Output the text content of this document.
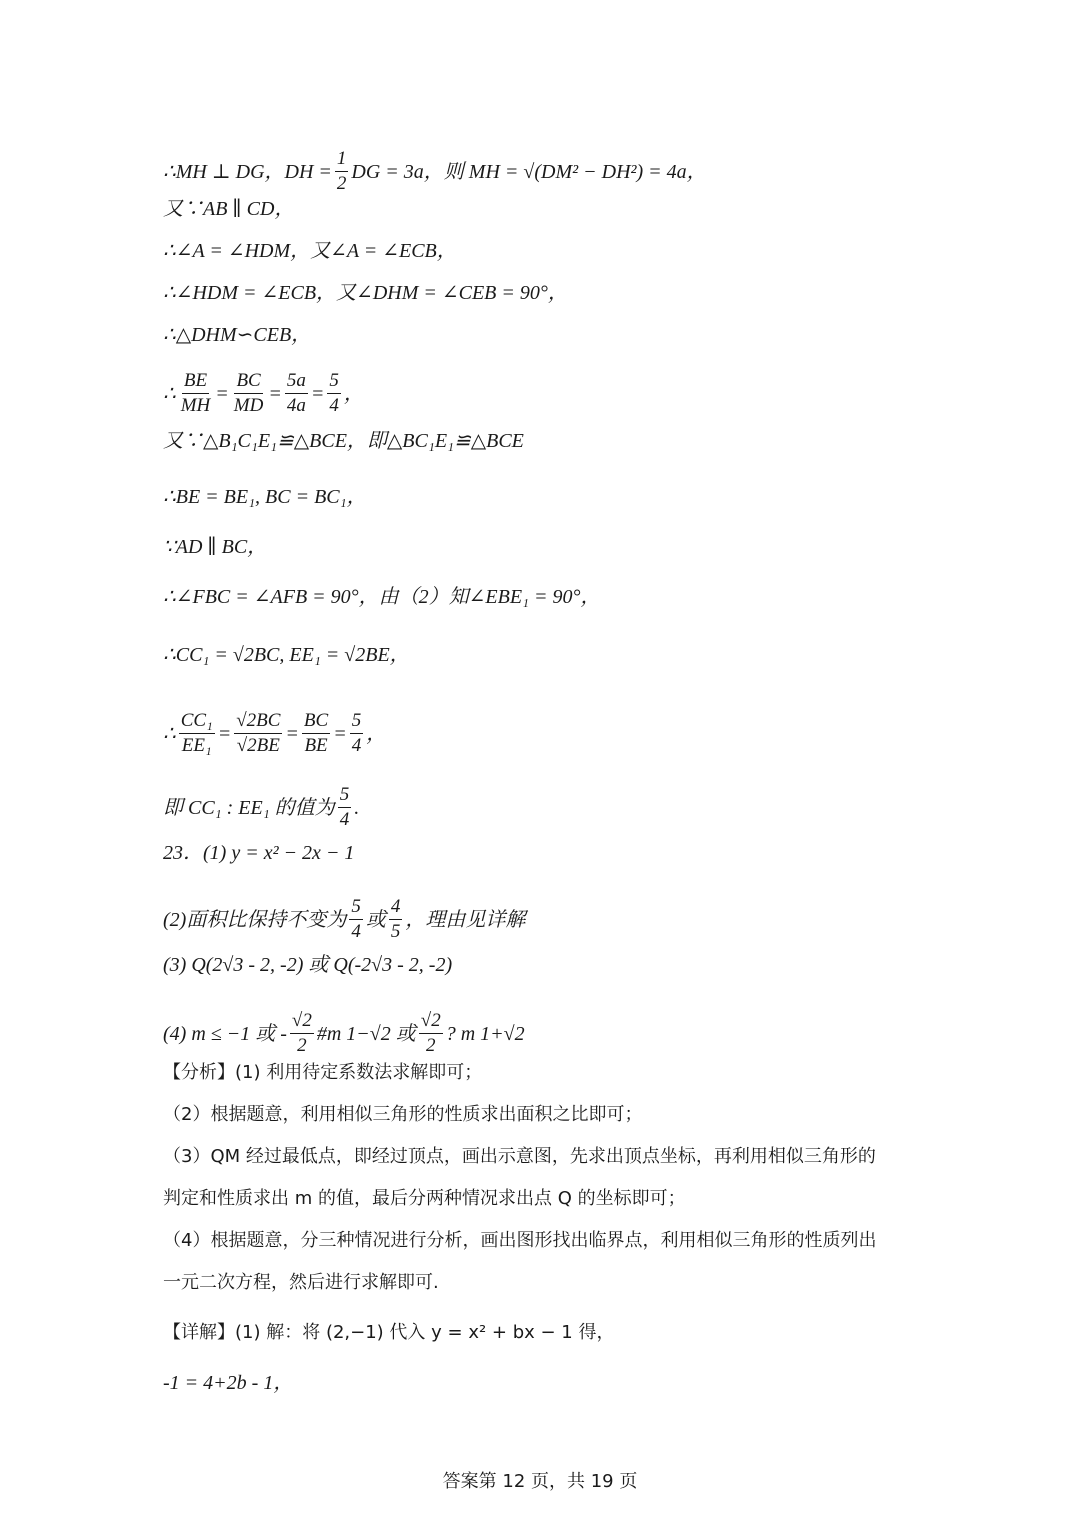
∴MH ⊥ DG，DH = $\frac{1}{2}$ DG = 3a，则 MH = √(DM² − DH²) = 4a，

又∵AB ∥ CD，

∴∠A = ∠HDM，又∠A = ∠ECB，

∴∠HDM = ∠ECB，又∠DHM = ∠CEB = 90°，

∴△DHM∽CEB，

∴ $\frac{BE}{MH} = \frac{BC}{MD} = \frac{5a}{4a} = \frac{5}{4}$ ，

又∵△B₁C₁E₁≌△BCE，即△BC₁E₁≌△BCE

∴BE = BE₁, BC = BC₁，

∵AD ∥ BC，

∴∠FBC = ∠AFB = 90°，由（2）知∠EBE₁ = 90°，

∴CC₁ = √2BC, EE₁ = √2BE，

∴ $\frac{\text{CC₁}}{\text{EE₁}} = \frac{√2BC}{√2BE} = \frac{BC}{BE} = \frac{5}{4}$ ，

即 CC₁ : EE₁ 的值为 $\frac{5}{4}$ .

23．(1) y = x² − 2x − 1

(2)面积比保持不变为 $\frac{5}{4}$ 或 $\frac{4}{5}$ ，理由见详解

(3) Q(2√3 - 2, -2) 或 Q(-2√3 - 2, -2)

(4) m ≤ −1 或 - $\frac{√2}{2}$ #m 1−√2 或 $\frac{√2}{2}$ ? m 1+√2

【分析】(1) 利用待定系数法求解即可；

（2）根据题意，利用相似三角形的性质求出面积之比即可；

（3）QM 经过最低点，即经过顶点，画出示意图，先求出顶点坐标，再利用相似三角形的

判定和性质求出 m 的值，最后分两种情况求出点 Q 的坐标即可；

（4）根据题意，分三种情况进行分析，画出图形找出临界点，利用相似三角形的性质列出

一元二次方程，然后进行求解即可.

【详解】(1) 解：将 (2,−1) 代入 y = x² + bx − 1 得，

-1 = 4+2b - 1，

答案第 12 页，共 19 页
